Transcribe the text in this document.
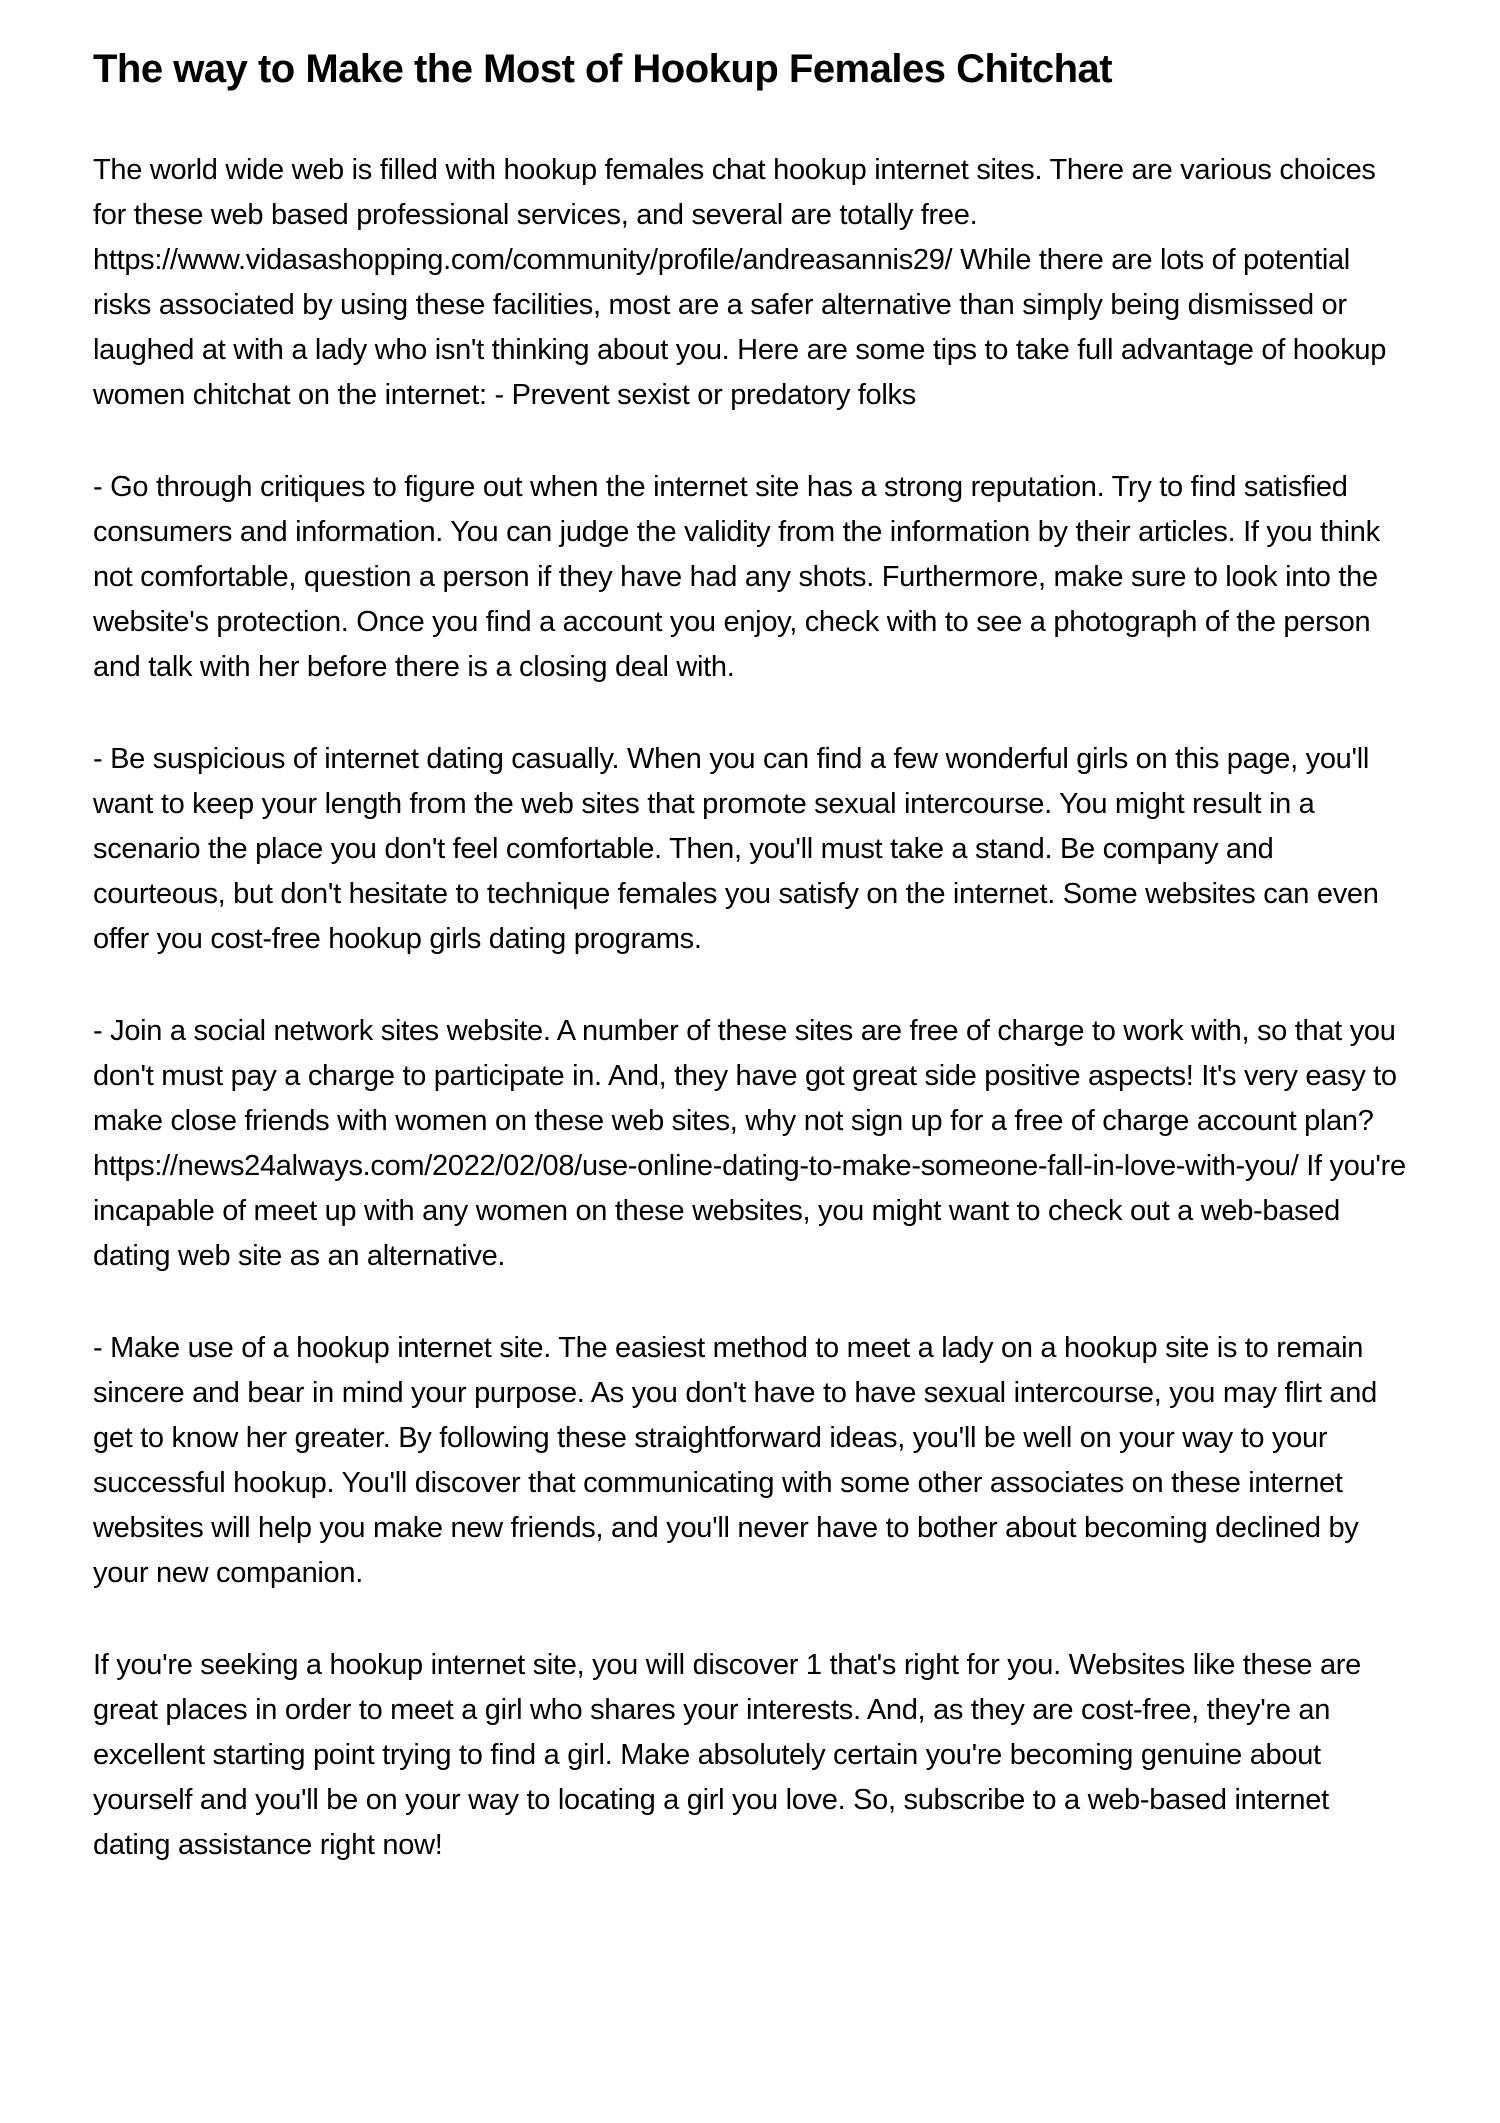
The way to Make the Most of Hookup Females Chitchat

The world wide web is filled with hookup females chat hookup internet sites. There are various choices for these web based professional services, and several are totally free. https://www.vidasashopping.com/community/profile/andreasannis29/ While there are lots of potential risks associated by using these facilities, most are a safer alternative than simply being dismissed or laughed at with a lady who isn't thinking about you. Here are some tips to take full advantage of hookup women chitchat on the internet: - Prevent sexist or predatory folks

- Go through critiques to figure out when the internet site has a strong reputation. Try to find satisfied consumers and information. You can judge the validity from the information by their articles. If you think not comfortable, question a person if they have had any shots. Furthermore, make sure to look into the website's protection. Once you find a account you enjoy, check with to see a photograph of the person and talk with her before there is a closing deal with.

- Be suspicious of internet dating casually. When you can find a few wonderful girls on this page, you'll want to keep your length from the web sites that promote sexual intercourse. You might result in a scenario the place you don't feel comfortable. Then, you'll must take a stand. Be company and courteous, but don't hesitate to technique females you satisfy on the internet. Some websites can even offer you cost-free hookup girls dating programs.

- Join a social network sites website. A number of these sites are free of charge to work with, so that you don't must pay a charge to participate in. And, they have got great side positive aspects! It's very easy to make close friends with women on these web sites, why not sign up for a free of charge account plan? https://news24always.com/2022/02/08/use-online-dating-to-make-someone-fall-in-love-with-you/ If you're incapable of meet up with any women on these websites, you might want to check out a web-based dating web site as an alternative.

- Make use of a hookup internet site. The easiest method to meet a lady on a hookup site is to remain sincere and bear in mind your purpose. As you don't have to have sexual intercourse, you may flirt and get to know her greater. By following these straightforward ideas, you'll be well on your way to your successful hookup. You'll discover that communicating with some other associates on these internet websites will help you make new friends, and you'll never have to bother about becoming declined by your new companion.

If you're seeking a hookup internet site, you will discover 1 that's right for you. Websites like these are great places in order to meet a girl who shares your interests. And, as they are cost-free, they're an excellent starting point trying to find a girl. Make absolutely certain you're becoming genuine about yourself and you'll be on your way to locating a girl you love. So, subscribe to a web-based internet dating assistance right now!
